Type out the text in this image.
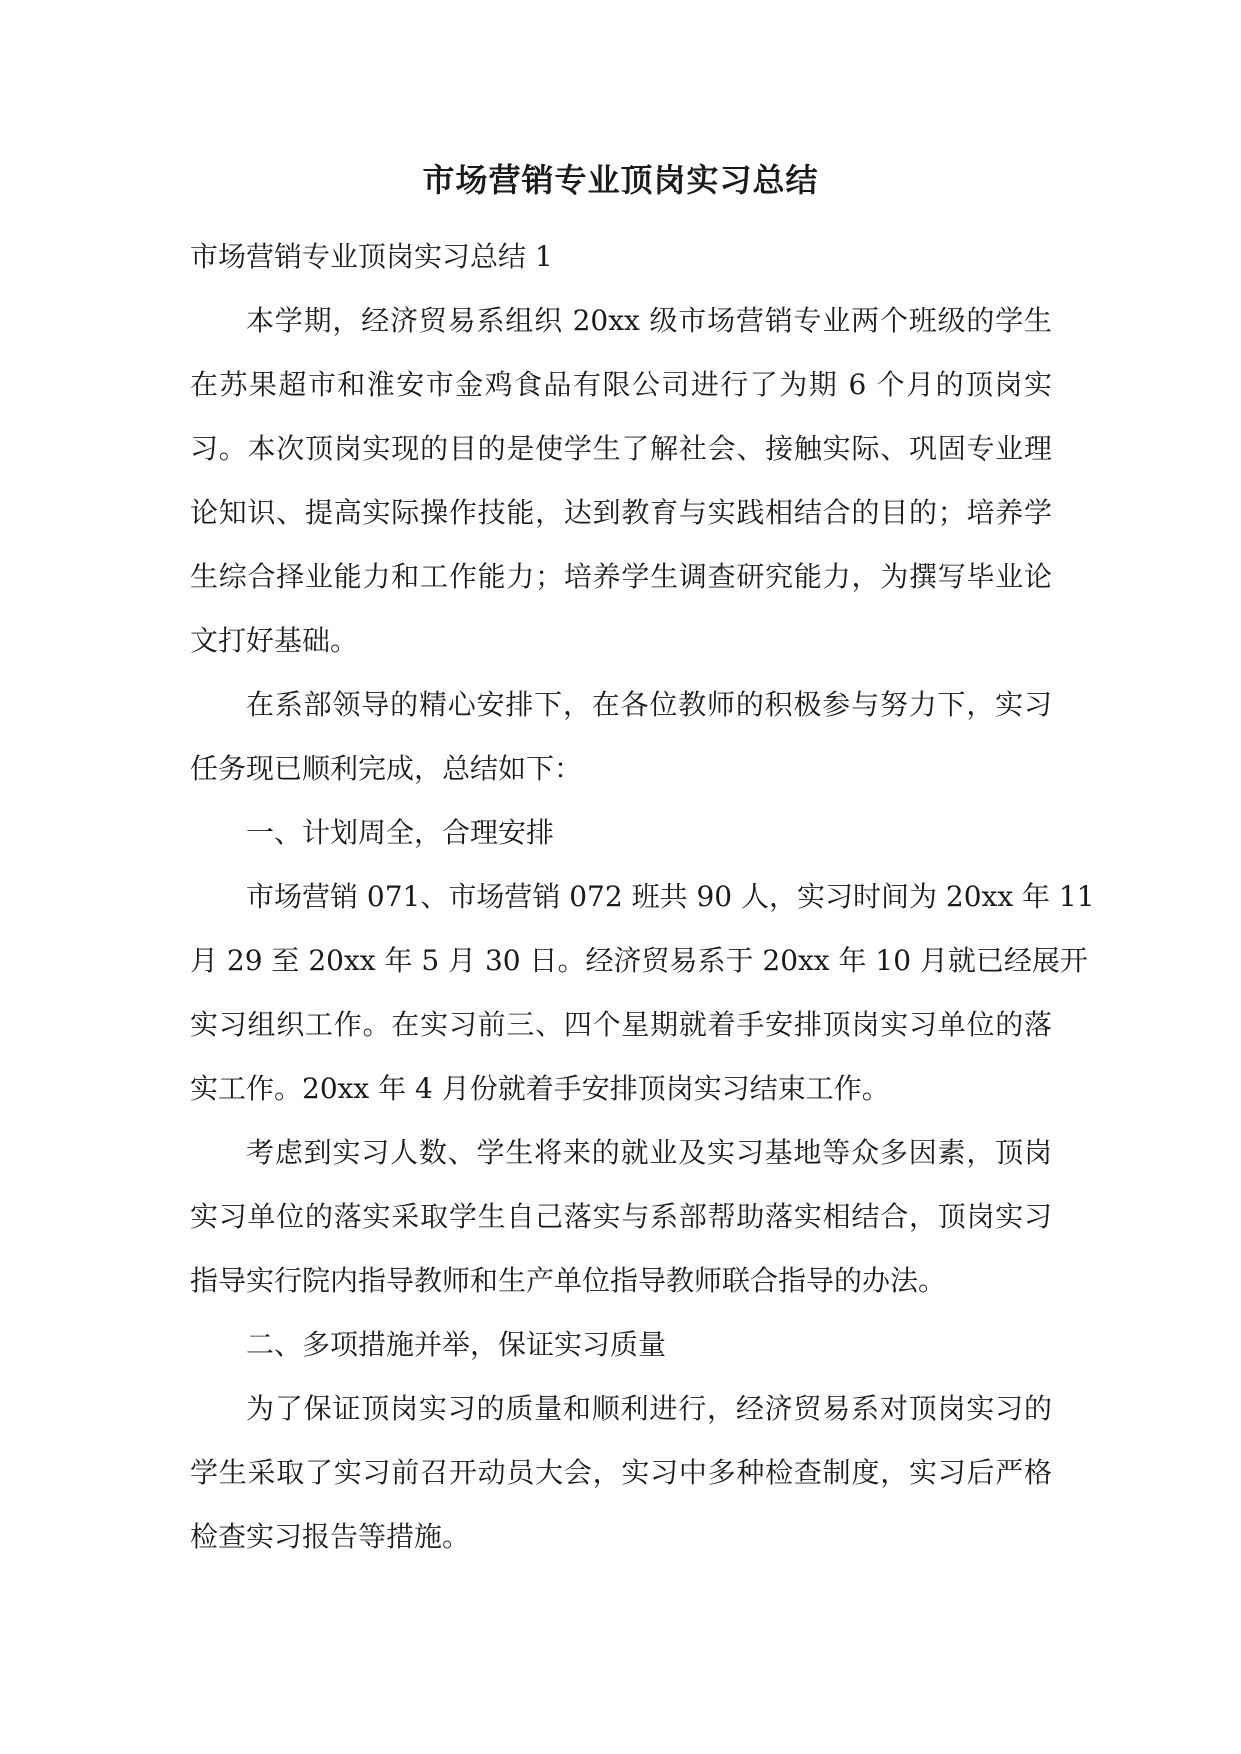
市场营销专业顶岗实习总结
市场营销专业顶岗实习总结 1
本学期，经济贸易系组织 20xx 级市场营销专业两个班级的学生
在苏果超市和淮安市金鸡食品有限公司进行了为期 6 个月的顶岗实
习。本次顶岗实现的目的是使学生了解社会、接触实际、巩固专业理
论知识、提高实际操作技能，达到教育与实践相结合的目的；培养学
生综合择业能力和工作能力；培养学生调查研究能力，为撰写毕业论
文打好基础。
在系部领导的精心安排下，在各位教师的积极参与努力下，实习
任务现已顺利完成，总结如下：
一、计划周全，合理安排
市场营销 071、市场营销 072 班共 90 人，实习时间为 20xx 年 11
月 29 至 20xx 年 5 月 30 日。经济贸易系于 20xx 年 10 月就已经展开
实习组织工作。在实习前三、四个星期就着手安排顶岗实习单位的落
实工作。20xx 年 4 月份就着手安排顶岗实习结束工作。
考虑到实习人数、学生将来的就业及实习基地等众多因素，顶岗
实习单位的落实采取学生自己落实与系部帮助落实相结合，顶岗实习
指导实行院内指导教师和生产单位指导教师联合指导的办法。
二、多项措施并举，保证实习质量
为了保证顶岗实习的质量和顺利进行，经济贸易系对顶岗实习的
学生采取了实习前召开动员大会，实习中多种检查制度，实习后严格
检查实习报告等措施。
